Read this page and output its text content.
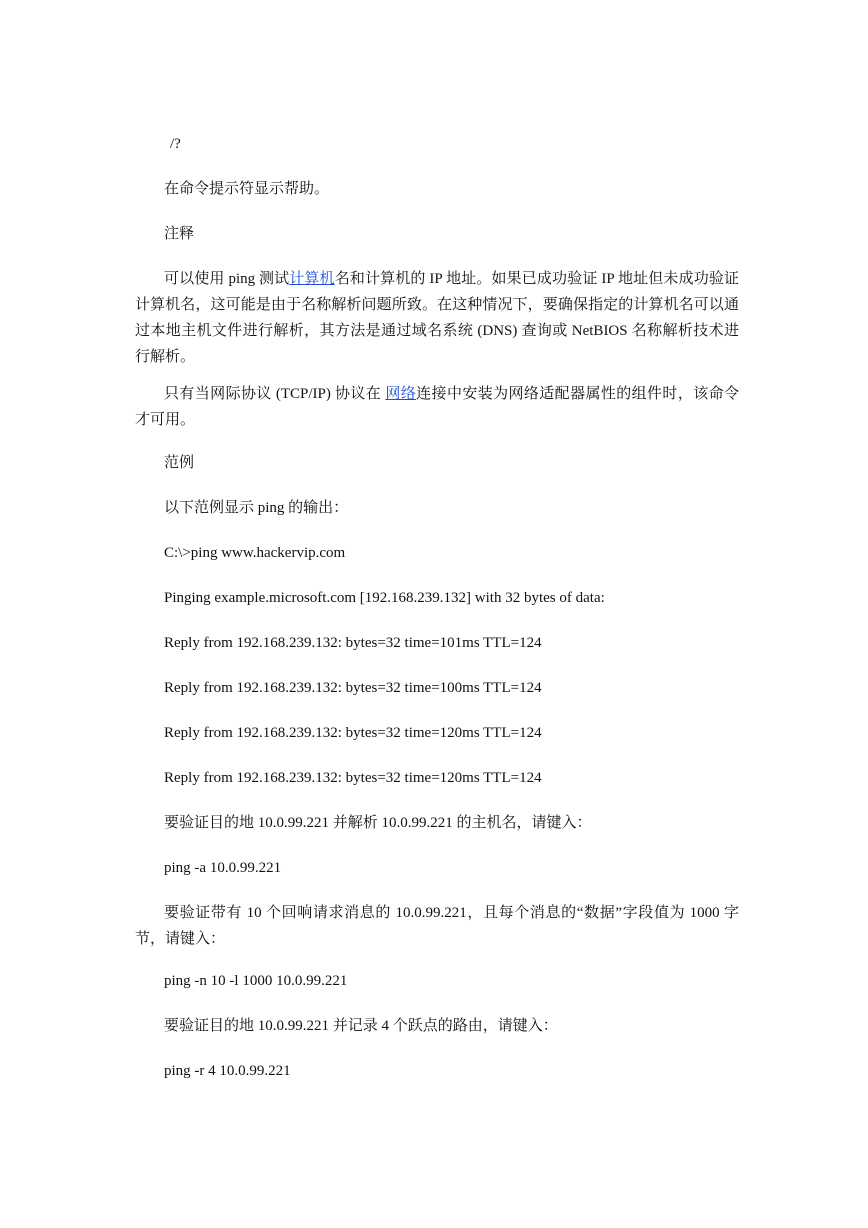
/?
在命令提示符显示帮助。
注释
可以使用 ping 测试计算机名和计算机的 IP 地址。如果已成功验证 IP 地址但未成功验证计算机名，这可能是由于名称解析问题所致。在这种情况下，要确保指定的计算机名可以通过本地主机文件进行解析，其方法是通过域名系统 (DNS) 查询或 NetBIOS 名称解析技术进行解析。
只有当网际协议 (TCP/IP) 协议在 网络连接中安装为网络适配器属性的组件时，该命令才可用。
范例
以下范例显示 ping 的输出：
C:\>ping www.hackervip.com
Pinging example.microsoft.com [192.168.239.132] with 32 bytes of data:
Reply from 192.168.239.132: bytes=32 time=101ms TTL=124
Reply from 192.168.239.132: bytes=32 time=100ms TTL=124
Reply from 192.168.239.132: bytes=32 time=120ms TTL=124
Reply from 192.168.239.132: bytes=32 time=120ms TTL=124
要验证目的地 10.0.99.221 并解析 10.0.99.221 的主机名，请键入：
ping -a 10.0.99.221
要验证带有 10 个回响请求消息的 10.0.99.221，且每个消息的“数据”字段值为 1000 字节，请键入：
ping -n 10 -l 1000 10.0.99.221
要验证目的地 10.0.99.221 并记录 4 个跃点的路由，请键入：
ping -r 4 10.0.99.221
